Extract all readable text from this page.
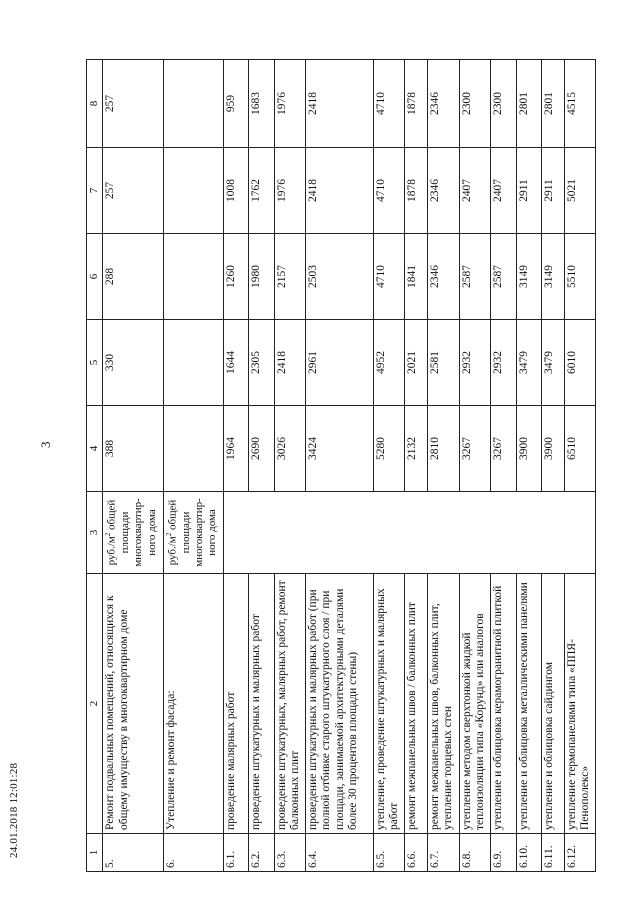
3
24.01.2018 12:01:28	1	2	3	4	5	6	7	8
5.	Ремонт подвальных помещений, относящихся к общему имуществу в многоквартирном доме	$руб./м^2$ общей площади многоквартир-ного дома	388	330	288	257	257
6.	Утепление и ремонт фасада:	$руб./м^2$ общей площади многоквартир-ного дома					
6.1.	проведение малярных работ		1964	1644	1260	1008	959
6.2.	проведение штукатурных и малярных работ		2690	2305	1980	1762	1683
6.3.	проведение штукатурных, малярных работ, ремонт балконных плит		3026	2418	2157	1976	1976
6.4.	проведение штукатурных и малярных работ (при полной отбивке старого штукатурного слоя / при площади, занимаемой архитектурными деталями более 30 процентов площади стены)		3424	2961	2503	2418	2418
6.5.	утепление, проведение штукатурных и малярных работ		5280	4952	4710	4710	4710
6.6.	ремонт межпанельных швов / балконных плит		2132	2021	1841	1878	1878
6.7.	ремонт межпанельных швов, балконных плит, утепление торцевых стен		2810	2581	2346	2346	2346
6.8.	утепление методом сверхтонкой жидкой теплоизоляции типа «Корунд» или аналогов		3267	2932	2587	2407	2300
6.9.	утепление и облицовка керамогранитной плиткой		3267	2932	2587	2407	2300
6.10.	утепление и облицовка металлическими панелями		3900	3479	3149	2911	2801
6.11.	утепление и облицовка сайдингом		3900	3479	3149	2911	2801
6.12.	утепление термопанелями типа «ППЯ-Пенополекс»		6510	6010	5510	5021	4515
